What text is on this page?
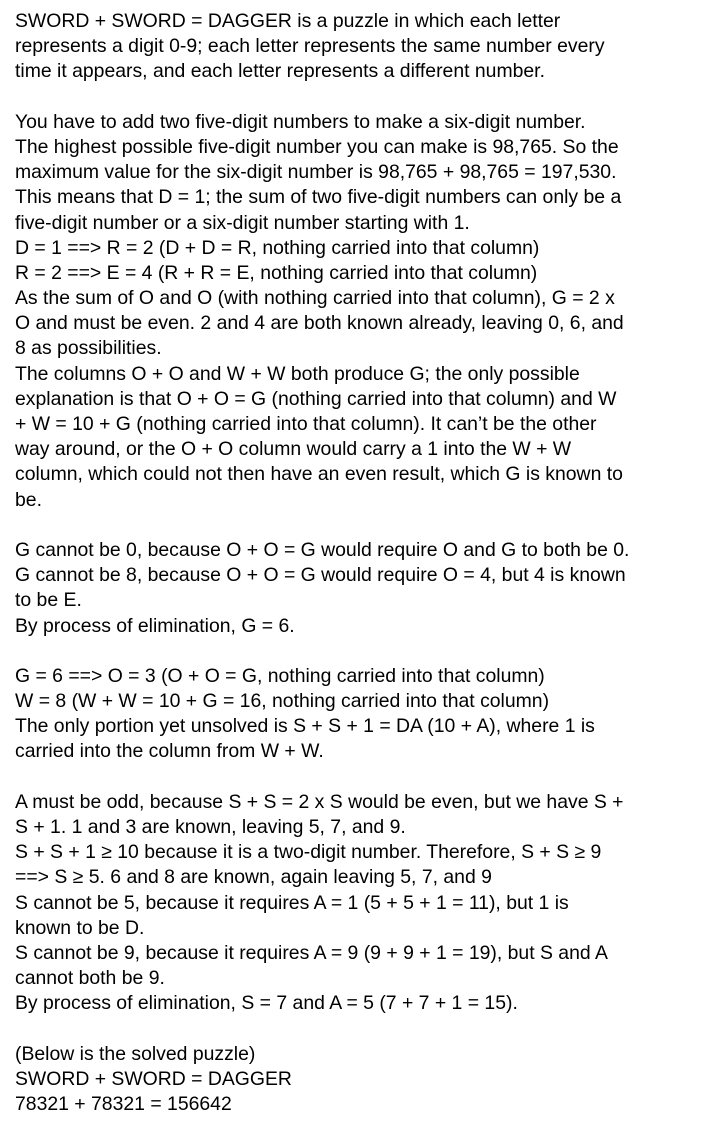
SWORD + SWORD = DAGGER is a puzzle in which each letter
represents a digit 0-9; each letter represents the same number every
time it appears, and each letter represents a different number.
You have to add two five-digit numbers to make a six-digit number.
The highest possible five-digit number you can make is 98,765. So the
maximum value for the six-digit number is 98,765 + 98,765 = 197,530.
This means that D = 1; the sum of two five-digit numbers can only be a
five-digit number or a six-digit number starting with 1.
D = 1 ==> R = 2 (D + D = R, nothing carried into that column)
R = 2 ==> E = 4 (R + R = E, nothing carried into that column)
As the sum of O and O (with nothing carried into that column), G = 2 x
O and must be even. 2 and 4 are both known already, leaving 0, 6, and
8 as possibilities.
The columns O + O and W + W both produce G; the only possible
explanation is that O + O = G (nothing carried into that column) and W
+ W = 10 + G (nothing carried into that column). It can’t be the other
way around, or the O + O column would carry a 1 into the W + W
column, which could not then have an even result, which G is known to
be.
G cannot be 0, because O + O = G would require O and G to both be 0.
G cannot be 8, because O + O = G would require O = 4, but 4 is known
to be E.
By process of elimination, G = 6.
G = 6 ==> O = 3 (O + O = G, nothing carried into that column)
W = 8 (W + W = 10 + G = 16, nothing carried into that column)
The only portion yet unsolved is S + S + 1 = DA (10 + A), where 1 is
carried into the column from W + W.
A must be odd, because S + S = 2 x S would be even, but we have S +
S + 1. 1 and 3 are known, leaving 5, 7, and 9.
S + S + 1 ≥ 10 because it is a two-digit number. Therefore, S + S ≥ 9
==> S ≥ 5. 6 and 8 are known, again leaving 5, 7, and 9
S cannot be 5, because it requires A = 1 (5 + 5 + 1 = 11), but 1 is
known to be D.
S cannot be 9, because it requires A = 9 (9 + 9 + 1 = 19), but S and A
cannot both be 9.
By process of elimination, S = 7 and A = 5 (7 + 7 + 1 = 15).
(Below is the solved puzzle)
SWORD + SWORD = DAGGER
78321 + 78321 = 156642
